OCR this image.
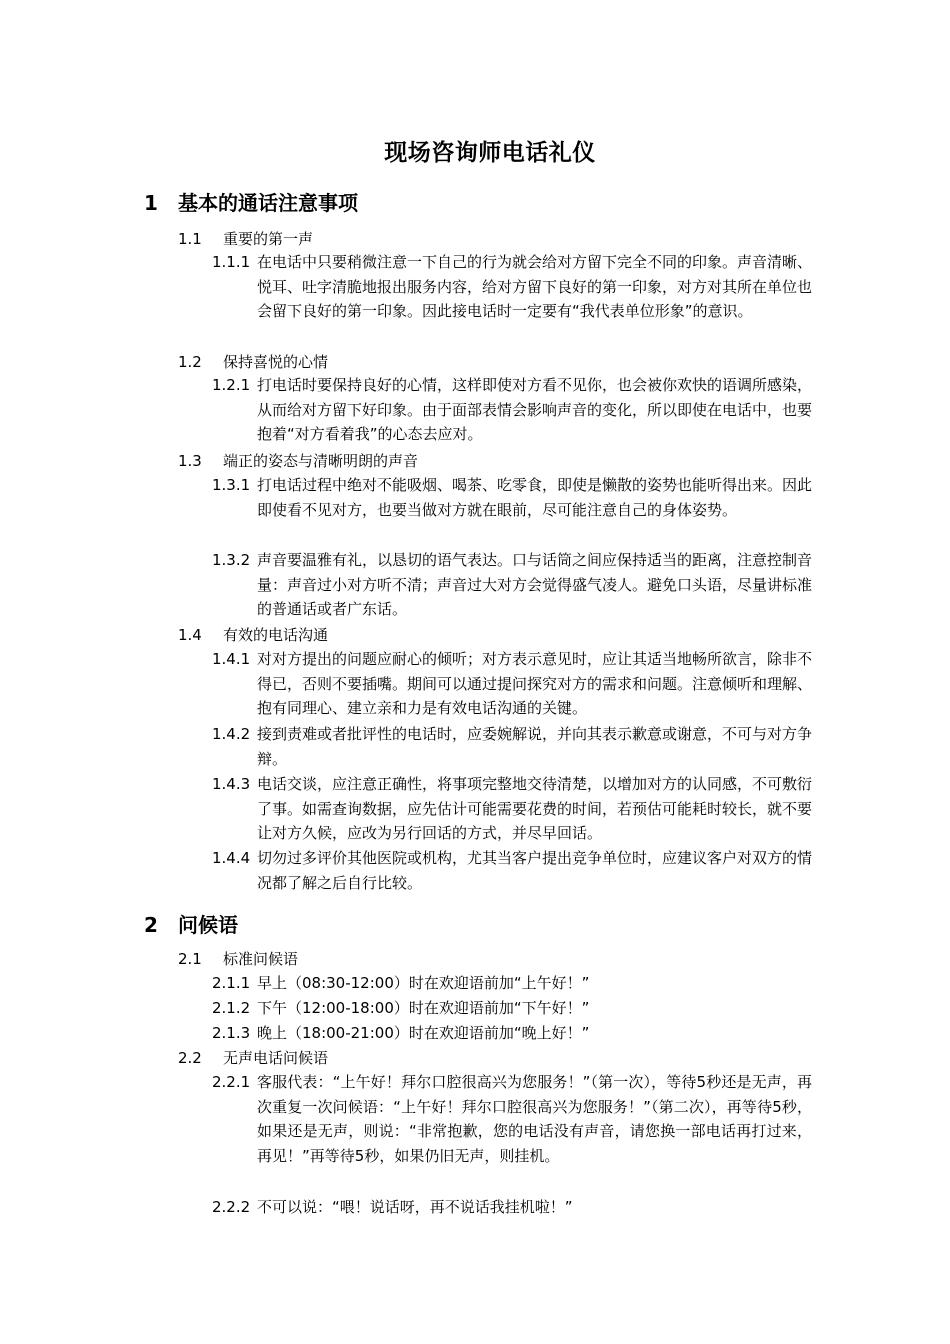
现场咨询师电话礼仪
1 基本的通话注意事项
1.1 重要的第一声
1.1.1 在电话中只要稍微注意一下自己的行为就会给对方留下完全不同的印象。声音清晰、悦耳、吐字清脆地报出服务内容，给对方留下良好的第一印象，对方对其所在单位也会留下良好的第一印象。因此接电话时一定要有“我代表单位形象”的意识。
1.2 保持喜悦的心情
1.2.1 打电话时要保持良好的心情，这样即使对方看不见你，也会被你欢快的语调所感染，从而给对方留下好印象。由于面部表情会影响声音的变化，所以即使在电话中，也要抱着“对方看着我”的心态去应对。
1.3 端正的姿态与清晰明朗的声音
1.3.1 打电话过程中绝对不能吸烟、喝茶、吃零食，即使是懒散的姿势也能听得出来。因此即使看不见对方，也要当做对方就在眼前，尽可能注意自己的身体姿势。
1.3.2 声音要温雅有礼，以恳切的语气表达。口与话筒之间应保持适当的距离，注意控制音量：声音过小对方听不清；声音过大对方会觉得盛气凌人。避免口头语，尽量讲标准的普通话或者广东话。
1.4 有效的电话沟通
1.4.1 对对方提出的问题应耐心的倾听；对方表示意见时，应让其适当地畅所欲言，除非不得已，否则不要插嘴。期间可以通过提问探究对方的需求和问题。注意倾听和理解、抱有同理心、建立亲和力是有效电话沟通的关键。
1.4.2 接到责难或者批评性的电话时，应委婉解说，并向其表示歉意或谢意，不可与对方争辩。
1.4.3 电话交谈，应注意正确性，将事项完整地交待清楚，以增加对方的认同感，不可敷衍了事。如需查询数据，应先估计可能需要花费的时间，若预估可能耗时较长，就不要让对方久候，应改为另行回话的方式，并尽早回话。
1.4.4 切勿过多评价其他医院或机构，尤其当客户提出竞争单位时，应建议客户对双方的情况都了解之后自行比较。
2 问候语
2.1 标准问候语
2.1.1 早上（08:30-12:00）时在欢迎语前加“上午好！”
2.1.2 下午（12:00-18:00）时在欢迎语前加“下午好！”
2.1.3 晚上（18:00-21:00）时在欢迎语前加“晚上好！”
2.2 无声电话问候语
2.2.1 客服代表：“上午好！拜尔口腔很高兴为您服务！”（第一次），等待5秒还是无声，再次重复一次问候语：“上午好！拜尔口腔很高兴为您服务！”（第二次），再等待5秒，如果还是无声，则说：“非常抱歉，您的电话没有声音，请您换一部电话再打过来，再见！”再等待5秒，如果仍旧无声，则挂机。
2.2.2 不可以说：“喂！说话呀，再不说话我挂机啦！”
